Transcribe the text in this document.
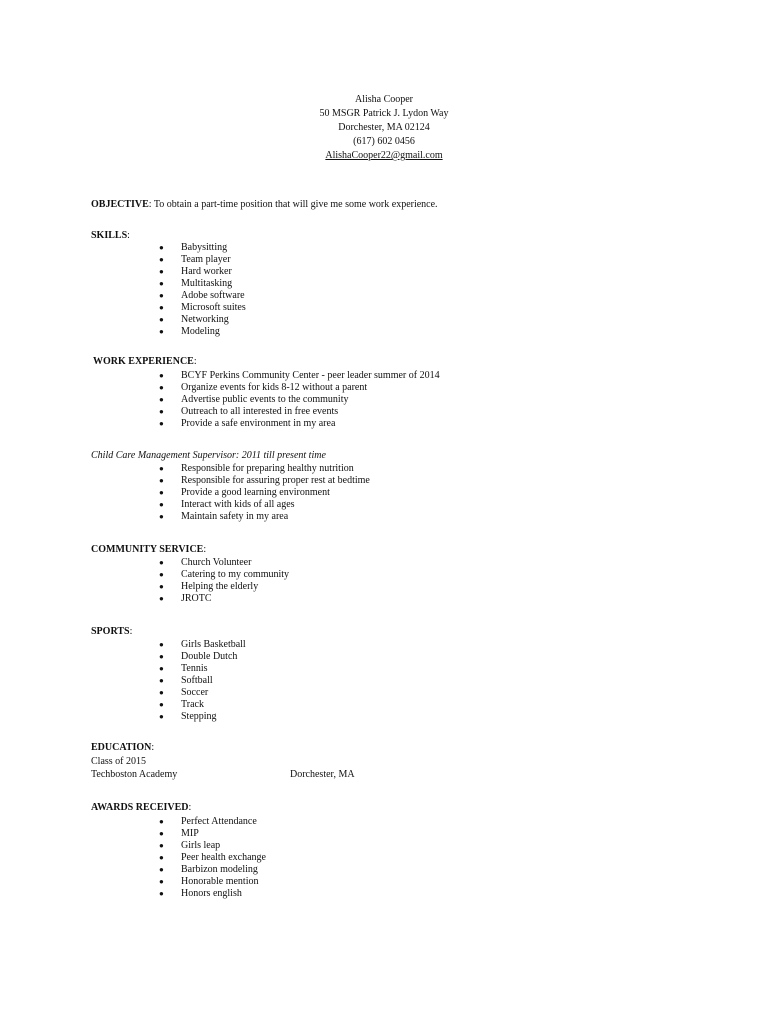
Alisha Cooper
50 MSGR Patrick J. Lydon Way
Dorchester, MA 02124
(617) 602 0456
AlishaCooper22@gmail.com
OBJECTIVE: To obtain a part-time position that will give me some work experience.
SKILLS:
● Babysitting
● Team player
● Hard worker
● Multitasking
● Adobe software
● Microsoft suites
● Networking
● Modeling
WORK EXPERIENCE:
● BCYF Perkins Community Center - peer leader summer of 2014
● Organize events for kids 8-12 without a parent
● Advertise public events to the community
● Outreach to all interested in free events
● Provide a safe environment in my area
Child Care Management Supervisor: 2011 till present time
● Responsible for preparing healthy nutrition
● Responsible for assuring proper rest at bedtime
● Provide a good learning environment
● Interact with kids of all ages
● Maintain safety in my area
COMMUNITY SERVICE:
● Church Volunteer
● Catering to my community
● Helping the elderly
● JROTC
SPORTS:
● Girls Basketball
● Double Dutch
● Tennis
● Softball
● Soccer
● Track
● Stepping
EDUCATION:
Class of 2015
Techboston Academy	Dorchester, MA
AWARDS RECEIVED:
● Perfect Attendance
● MIP
● Girls leap
● Peer health exchange
● Barbizon modeling
● Honorable mention
● Honors english
